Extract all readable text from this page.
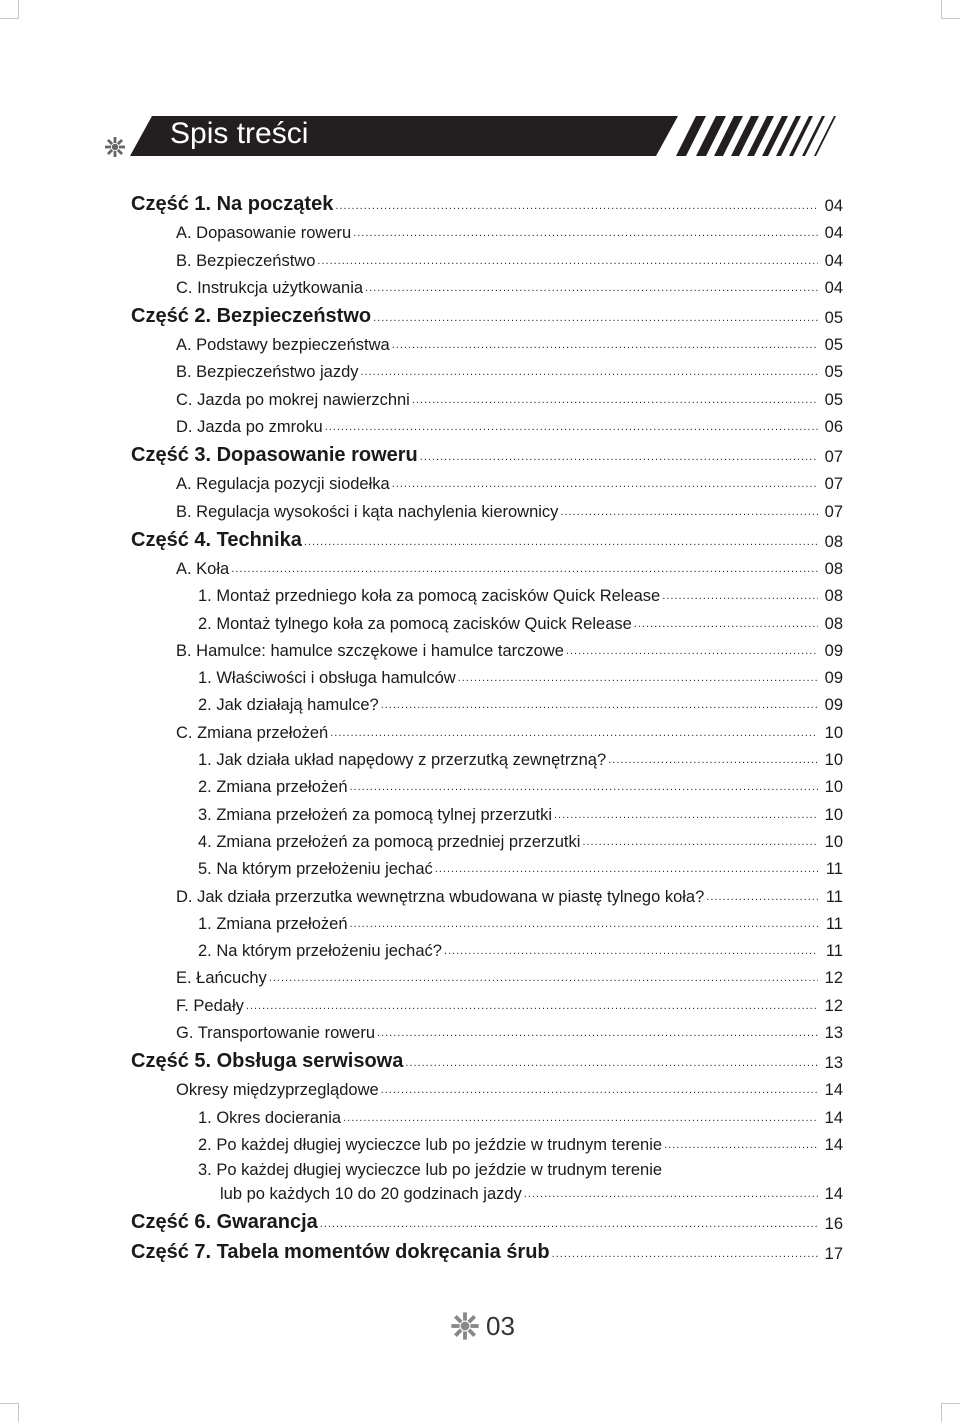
Spis treści
Część 1. Na początek .....	04
A. Dopasowanie roweru .....	04
B. Bezpieczeństwo .....	04
C. Instrukcja użytkowania .....	04
Część 2. Bezpieczeństwo .....	05
A. Podstawy bezpieczeństwa .....	05
B. Bezpieczeństwo jazdy .....	05
C. Jazda po mokrej nawierzchni .....	05
D. Jazda po zmroku .....	06
Część 3. Dopasowanie roweru .....	07
A. Regulacja pozycji siodełka .....	07
B. Regulacja wysokości i kąta nachylenia kierownicy .....	07
Część 4. Technika .....	08
A. Koła .....	08
1. Montaż przedniego koła za pomocą zacisków Quick Release .....	08
2. Montaż tylnego koła za pomocą zacisków Quick Release .....	08
B. Hamulce: hamulce szczękowe i hamulce tarczowe .....	09
1. Właściwości i obsługa hamulców .....	09
2. Jak działają hamulce? .....	09
C. Zmiana przełożeń .....	10
1. Jak działa układ napędowy z przerzutką zewnętrzną? .....	10
2. Zmiana przełożeń .....	10
3. Zmiana przełożeń za pomocą tylnej przerzutki .....	10
4. Zmiana przełożeń za pomocą przedniej przerzutki .....	10
5. Na którym przełożeniu jechać .....	11
D. Jak działa przerzutka wewnętrzna wbudowana w piastę tylnego koła? .....	11
1. Zmiana przełożeń .....	11
2. Na którym przełożeniu jechać? .....	11
E. Łańcuchy .....	12
F. Pedały .....	12
G. Transportowanie roweru .....	13
Część 5. Obsługa serwisowa .....	13
Okresy międzyprzeglądowe .....	14
1. Okres docierania .....	14
2. Po każdej długiej wycieczce lub po jeździe w trudnym terenie .....	14
3. Po każdej długiej wycieczce lub po jeździe w trudnym terenie
lub po każdych 10 do 20 godzinach jazdy .....	14
Część 6. Gwarancja .....	16
Część 7. Tabela momentów dokręcania śrub .....	17
03
